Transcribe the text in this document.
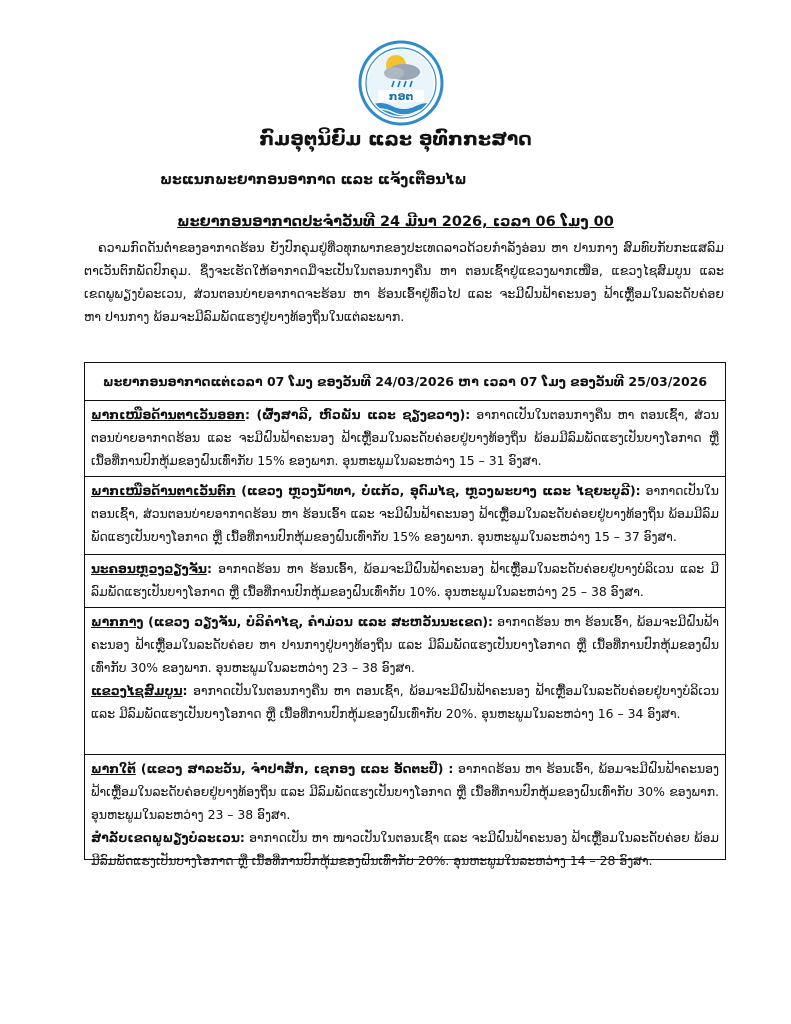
ກອຕ
ກົມອຸຕຸນິຍົມ ແລະ ອຸທົກກະສາດ
ພະແນກພະຍາກອນອາກາດ ແລະ ແຈ້ງເຕືອນໄພ
ພະຍາກອນອາກາດປະຈໍາວັນທີ 24 ມີນາ 2026, ເວລາ 06 ໂມງ 00
ຄວາມກົດດັນຕໍ່າຂອງອາກາດຮ້ອນ ຍັງປົກຄຸມຢູ່ທີ່ວທຸກພາກຂອງປະເທດລາວດ້ວຍກໍາລັງອ່ອນ ຫາ ປານກາງ ສົມທົບກັບກະແສລົມຕາເວັນຕົກພັດປົກຄຸມ. ຊຶ່ງຈະເຮັດໃຫ້ອາກາດມີ່ຈະເປັນໃນຕອນກາງຄືນ ຫາ ຕອນເຊົ້າຢູ່ແຂວງພາກເໜືອ, ແຂວງໄຊສົມບູນ ແລະ ເຂດພູພຽງບໍລະເວນ, ສ່ວນຕອນບ່າຍອາກາດຈະຮ້ອນ ຫາ ຮ້ອນເອົ້າຢູ່ທົ່ວໄປ ແລະ ຈະມີຝົນຟ້າຄະນອງ ຟ້າເຫຼື້ອມໃນລະດັບຄ່ອຍ ຫາ ປານກາງ ພ້ອມຈະມີລົມພັດແຮງຢູ່ບາງທ້ອງຖິ່ນໃນແຕ່ລະພາກ.
ພະຍາກອນອາກາດແຕ່ເວລາ 07 ໂມງ ຂອງວັນທີ 24/03/2026 ຫາ ເວລາ 07 ໂມງ ຂອງວັນທີ 25/03/2026
ພາກເໜືອດ້ານຕາເວັນອອກ: (ຜົ້ງສາລີ, ຫົວພັນ ແລະ ຊຽງຂວາງ): ອາກາດເປັນໃນຕອນກາງຄືນ ຫາ ຕອນເຊົ້າ, ສ່ວນຕອນບ່າຍອາກາດຮ້ອນ ແລະ ຈະມີຝົນຟ້າຄະນອງ ຟ້າເຫຼື້ອມໃນລະດັບຄ່ອຍຢູ່ບາງທ້ອງຖິ່ນ ພ້ອມມີລົມພັດແຮງເປັນບາງໂອກາດ ຫຼື ເນື້ອທີ່ການປົກຫຸ້ມຂອງຝົນເທົ່າກັບ 15% ຂອງພາກ. ອຸນຫະພູມໃນລະຫວ່າງ 15 – 31 ອົງສາ.
ພາກເໜືອດ້ານຕາເວັນຕົກ (ແຂວງ ຫຼວງນໍ້າທາ, ບໍ່ແກ້ວ, ອຸດົມໄຊ, ຫຼວງພະບາງ ແລະ ໄຊຍະບູລີ): ອາກາດເປັນໃນຕອນເຊົ້າ, ສ່ວນຕອນບ່າຍອາກາດຮ້ອນ ຫາ ຮ້ອນເອົ້າ ແລະ ຈະມີຝົນຟ້າຄະນອງ ຟ້າເຫຼື້ອມໃນລະດັບຄ່ອຍຢູ່ບາງທ້ອງຖິ່ນ ພ້ອມມີລົມພັດແຮງເປັນບາງໂອກາດ ຫຼື ເນື້ອທີ່ການປົກຫຸ້ມຂອງຝົນເທົ່າກັບ 15% ຂອງພາກ. ອຸນຫະພູມໃນລະຫວ່າງ 15 – 37 ອົງສາ.
ນະຄອນຫຼວງວຽງຈັນ: ອາກາດຮ້ອນ ຫາ ຮ້ອນເອົ້າ, ພ້ອມຈະມີຝົນຟ້າຄະນອງ ຟ້າເຫຼື້ອມໃນລະດັບຄ່ອຍຢູ່ບາງບໍລິເວນ ແລະ ມີລົມພັດແຮງເປັນບາງໂອກາດ ຫຼື ເນື້ອທີ່ການປົກຫຸ້ມຂອງຝົນເທົ່າກັບ 10%. ອຸນຫະພູມໃນລະຫວ່າງ 25 – 38 ອົງສາ.
ພາກກາງ (ແຂວງ ວຽງຈັນ, ບໍລິຄໍາໄຊ, ຄໍາມ່ວນ ແລະ ສະຫວັນນະເຂດ): ອາກາດຮ້ອນ ຫາ ຮ້ອນເອົ້າ, ພ້ອມຈະມີຝົນຟ້າຄະນອງ ຟ້າເຫຼື້ອມໃນລະດັບຄ່ອຍ ຫາ ປານກາງຢູ່ບາງທ້ອງຖິ່ນ ແລະ ມີລົມພັດແຮງເປັນບາງໂອກາດ ຫຼື ເນື້ອທີ່ການປົກຫຸ້ມຂອງຝົນເທົ່າກັບ 30% ຂອງພາກ. ອຸນຫະພູມໃນລະຫວ່າງ 23 – 38 ອົງສາ.
ແຂວງໄຊສົມບູນ: ອາກາດເປັນໃນຕອນກາງຄືນ ຫາ ຕອນເຊົ້າ, ພ້ອມຈະມີຝົນຟ້າຄະນອງ ຟ້າເຫຼື້ອມໃນລະດັບຄ່ອຍຢູ່ບາງບໍລິເວນ ແລະ ມີລົມພັດແຮງເປັນບາງໂອກາດ ຫຼື ເນື້ອທີ່ການປົກຫຸ້ມຂອງຝົນເທົ່າກັບ 20%. ອຸນຫະພູມໃນລະຫວ່າງ 16 – 34 ອົງສາ.
ພາກໃຕ້ (ແຂວງ ສາລະວັນ, ຈໍາປາສັກ, ເຊກອງ ແລະ ອັດຕະປື) : ອາກາດຮ້ອນ ຫາ ຮ້ອນເອົ້າ, ພ້ອມຈະມີຝົນຟ້າຄະນອງ ຟ້າເຫຼື້ອມໃນລະດັບຄ່ອຍຢູ່ບາງທ້ອງຖິ່ນ ແລະ ມີລົມພັດແຮງເປັນບາງໂອກາດ ຫຼື ເນື້ອທີ່ການປົກຫຸ້ມຂອງຝົນເທົ່າກັບ 30% ຂອງພາກ. ອຸນຫະພູມໃນລະຫວ່າງ 23 – 38 ອົງສາ.
ສໍາລັບເຂດພູພຽງບໍລະເວນ: ອາກາດເປັນ ຫາ ໜາວເປັນໃນຕອນເຊົ້າ ແລະ ຈະມີຝົນຟ້າຄະນອງ ຟ້າເຫຼື້ອມໃນລະດັບຄ່ອຍ ພ້ອມມີລົມພັດແຮງເປັນບາງໂອກາດ ຫຼື ເນື້ອທີ່ການປົກຫຸ້ມຂອງຝົນເທົ່າກັບ 20%. ອຸນຫະພູມໃນລະຫວ່າງ 14 – 28 ອົງສາ.
